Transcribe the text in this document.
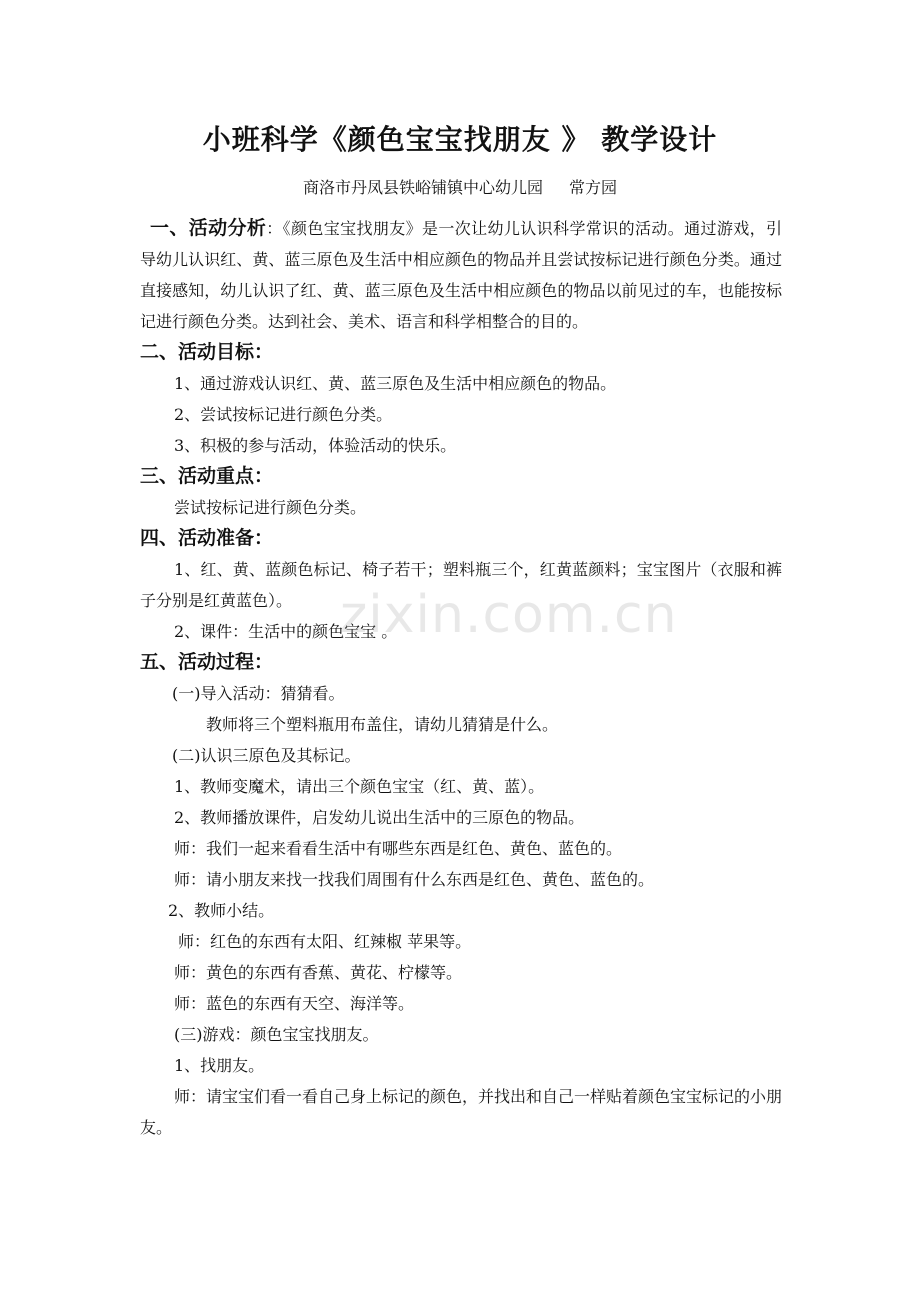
小班科学《颜色宝宝找朋友 》 教学设计
商洛市丹凤县铁峪铺镇中心幼儿园 常方园
一、活动分析：《颜色宝宝找朋友》是一次让幼儿认识科学常识的活动。通过游戏，引导幼儿认识红、黄、蓝三原色及生活中相应颜色的物品并且尝试按标记进行颜色分类。通过直接感知，幼儿认识了红、黄、蓝三原色及生活中相应颜色的物品以前见过的车，也能按标记进行颜色分类。达到社会、美术、语言和科学相整合的目的。
二、活动目标：
1、通过游戏认识红、黄、蓝三原色及生活中相应颜色的物品。
2、尝试按标记进行颜色分类。
3、积极的参与活动，体验活动的快乐。
三、活动重点：
尝试按标记进行颜色分类。
四、活动准备：
1、红、黄、蓝颜色标记、椅子若干；塑料瓶三个，红黄蓝颜料；宝宝图片（衣服和裤子分别是红黄蓝色）。
2、课件：生活中的颜色宝宝 。
五、活动过程：
(一)导入活动：猜猜看。
教师将三个塑料瓶用布盖住，请幼儿猜猜是什么。
(二)认识三原色及其标记。
1、教师变魔术，请出三个颜色宝宝（红、黄、蓝）。
2、教师播放课件，启发幼儿说出生活中的三原色的物品。
师：我们一起来看看生活中有哪些东西是红色、黄色、蓝色的。
师：请小朋友来找一找我们周围有什么东西是红色、黄色、蓝色的。
2、教师小结。
师：红色的东西有太阳、红辣椒 苹果等。
师：黄色的东西有香蕉、黄花、柠檬等。
师：蓝色的东西有天空、海洋等。
(三)游戏：颜色宝宝找朋友。
1、找朋友。
师：请宝宝们看一看自己身上标记的颜色，并找出和自己一样贴着颜色宝宝标记的小朋友。
zixin.com.cn
